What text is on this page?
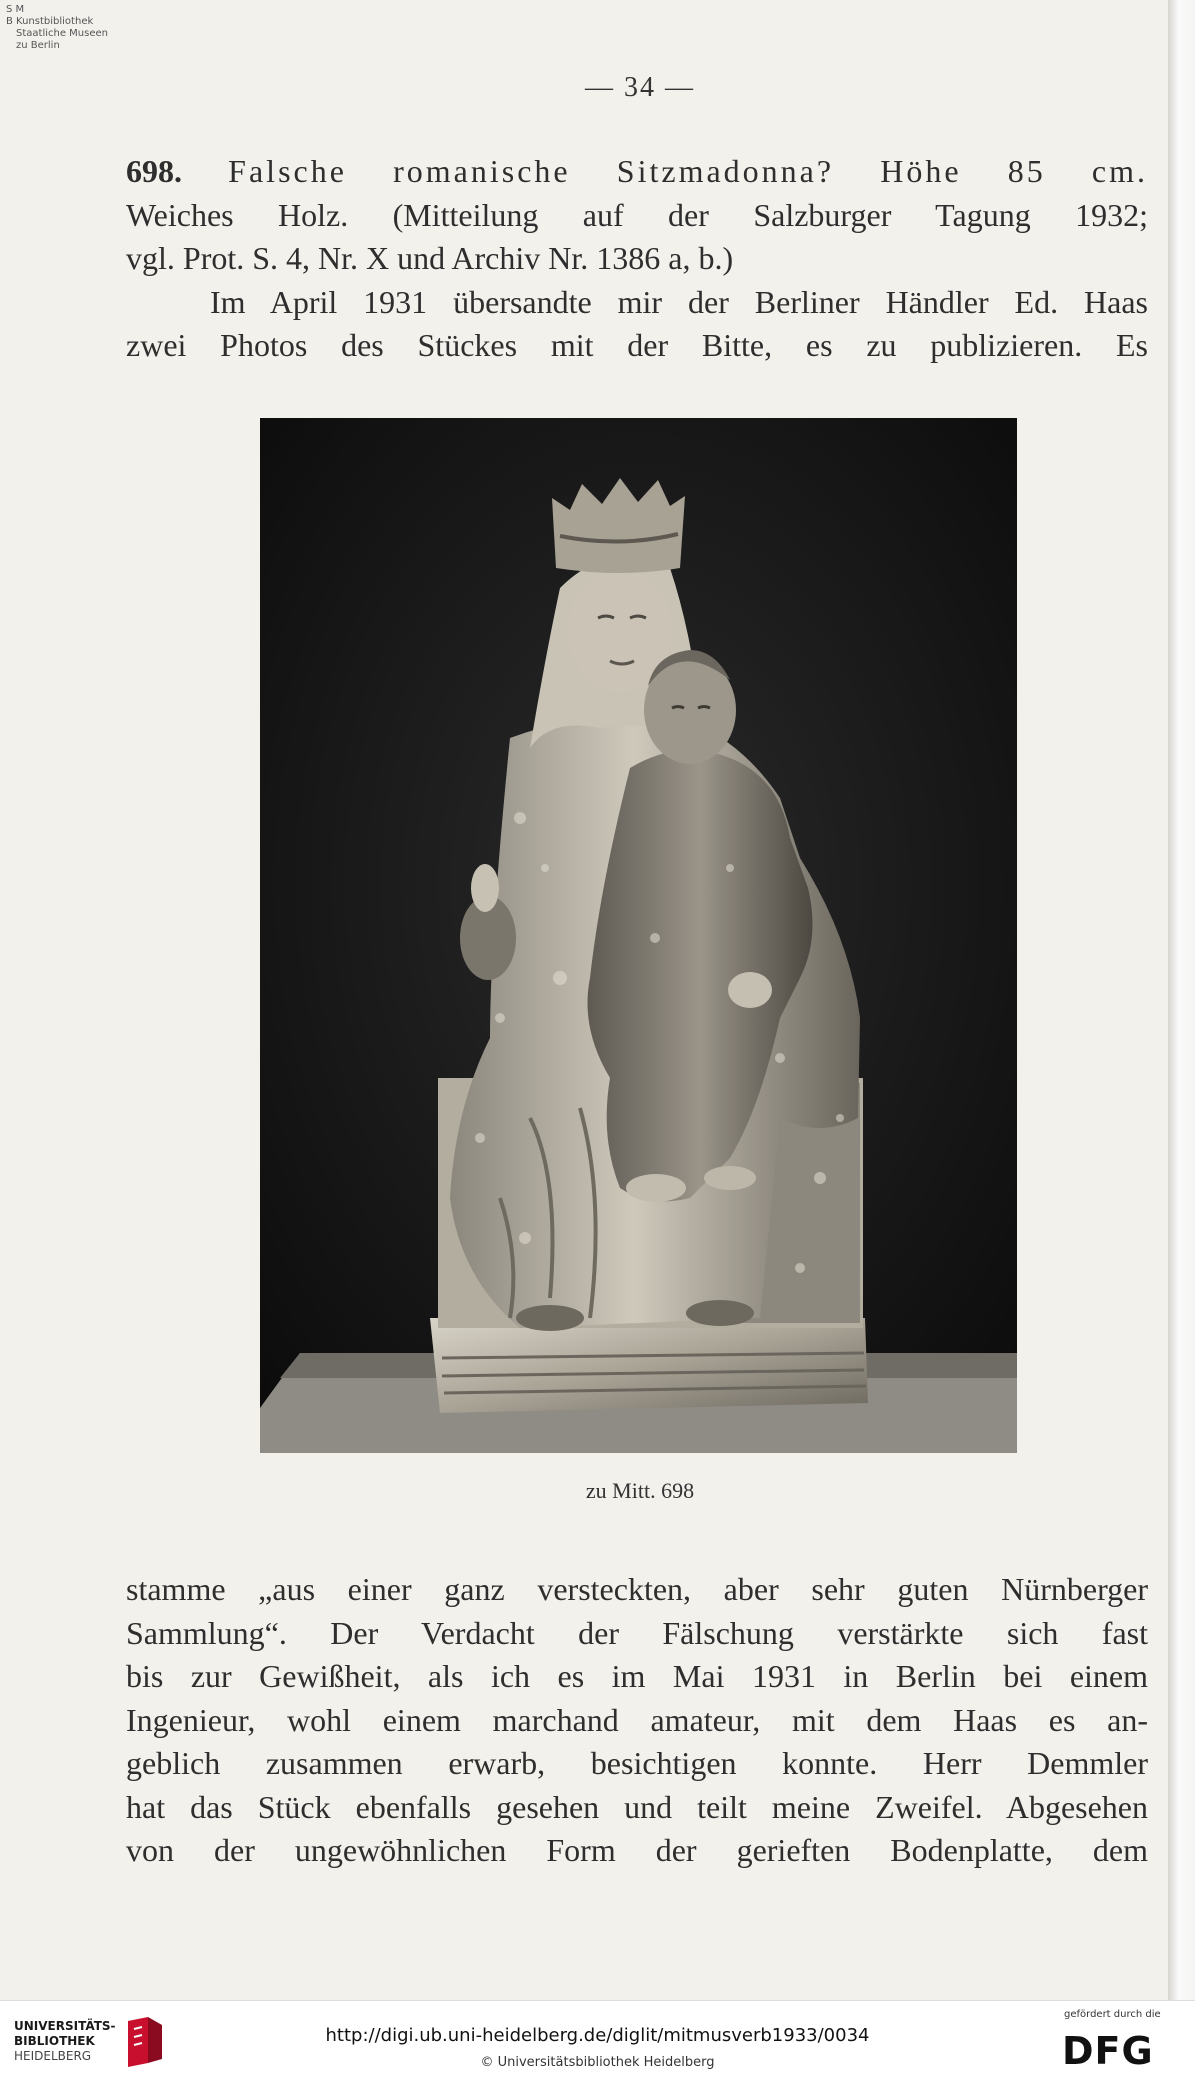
S M
B Kunstbibliothek
Staatliche Museen
zu Berlin
— 34 —
698. Falsche romanische Sitzmadonna? Höhe 85 cm.
Weiches Holz. (Mitteilung auf der Salzburger Tagung 1932;
vgl. Prot. S. 4, Nr. X und Archiv Nr. 1386 a, b.)
Im April 1931 übersandte mir der Berliner Händler Ed. Haas
zwei Photos des Stückes mit der Bitte, es zu publizieren. Es
zu Mitt. 698
stamme „aus einer ganz versteckten, aber sehr guten Nürnberger
Sammlung“. Der Verdacht der Fälschung verstärkte sich fast
bis zur Gewißheit, als ich es im Mai 1931 in Berlin bei einem
Ingenieur, wohl einem marchand amateur, mit dem Haas es an-
geblich zusammen erwarb, besichtigen konnte. Herr Demmler
hat das Stück ebenfalls gesehen und teilt meine Zweifel. Abgesehen
von der ungewöhnlichen Form der gerieften Bodenplatte, dem
UNIVERSITÄTS-
BIBLIOTHEK
HEIDELBERG
http://digi.ub.uni-heidelberg.de/diglit/mitmusverb1933/0034
© Universitätsbibliothek Heidelberg
gefördert durch die
DFG
